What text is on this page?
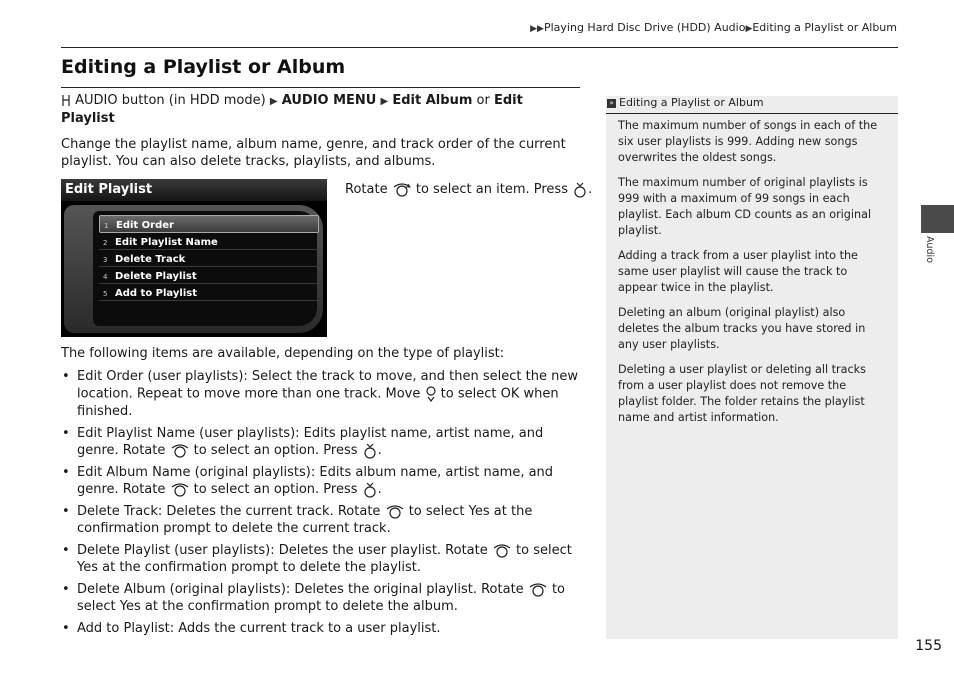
▶▶Playing Hard Disc Drive (HDD) Audio▶Editing a Playlist or Album
Editing a Playlist or Album

AUDIO button (in HDD mode) ▶ AUDIO MENU ▶ Edit Album or Edit Playlist

Change the playlist name, album name, genre, and track order of the current playlist. You can also delete tracks, playlists, and albums.

Edit Playlist
1 Edit Order
2 Edit Playlist Name
3 Delete Track
4 Delete Playlist
5 Add to Playlist
Rotate to select an item. Press .

The following items are available, depending on the type of playlist:

• Edit Order (user playlists): Select the track to move, and then select the new location. Repeat to move more than one track. Move to select OK when finished.
• Edit Playlist Name (user playlists): Edits playlist name, artist name, and genre. Rotate to select an option. Press .
• Edit Album Name (original playlists): Edits album name, artist name, and genre. Rotate to select an option. Press .
• Delete Track: Deletes the current track. Rotate to select Yes at the confirmation prompt to delete the current track.
• Delete Playlist (user playlists): Deletes the user playlist. Rotate to select Yes at the confirmation prompt to delete the playlist.
• Delete Album (original playlists): Deletes the original playlist. Rotate to select Yes at the confirmation prompt to delete the album.
• Add to Playlist: Adds the current track to a user playlist.
» Editing a Playlist or Album

The maximum number of songs in each of the six user playlists is 999. Adding new songs overwrites the oldest songs.

The maximum number of original playlists is 999 with a maximum of 99 songs in each playlist. Each album CD counts as an original playlist.

Adding a track from a user playlist into the same user playlist will cause the track to appear twice in the playlist.

Deleting an album (original playlist) also deletes the album tracks you have stored in any user playlists.

Deleting a user playlist or deleting all tracks from a user playlist does not remove the playlist folder. The folder retains the playlist name and artist information.

Audio
155
